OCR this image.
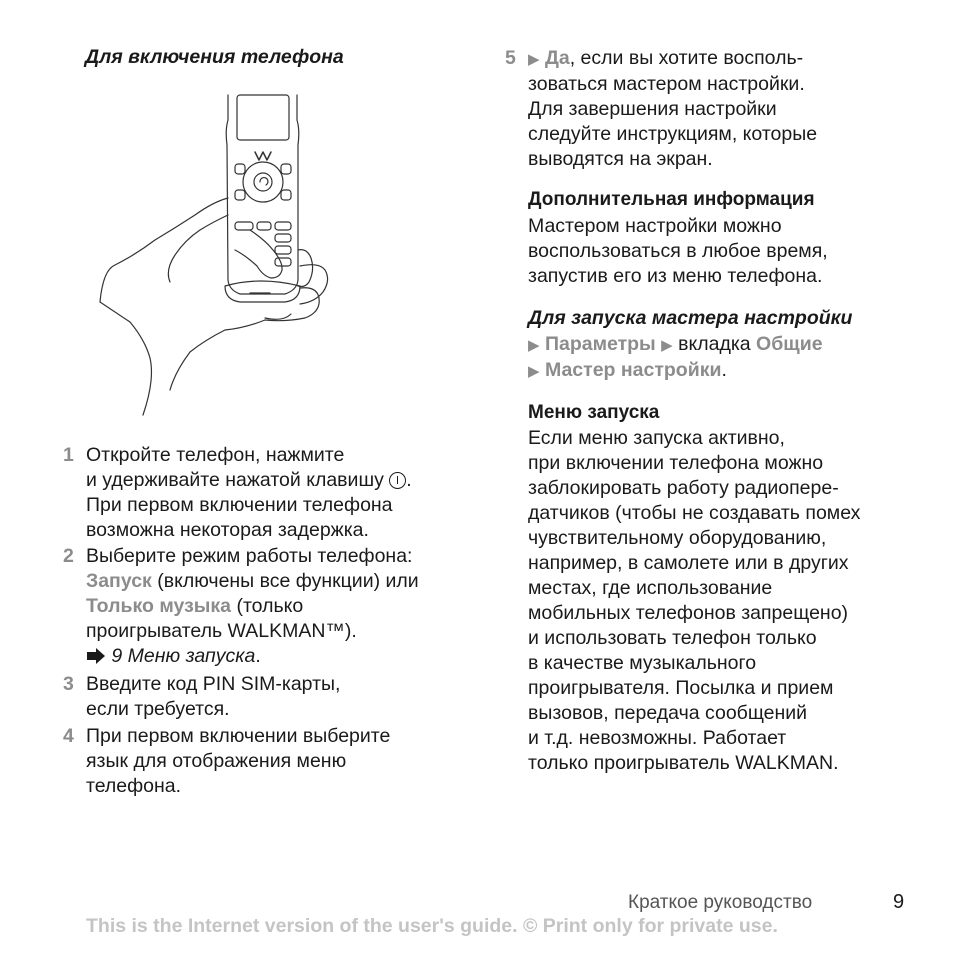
Для включения телефона
1 Откройте телефон, нажмите
и удерживайте нажатой клавишу .
При первом включении телефона
возможна некоторая задержка.
2 Выберите режим работы телефона:
Запуск (включены все функции) или
Только музыка (только
проигрыватель WALKMAN™).
9 Меню запуска.
3 Введите код PIN SIM-карты,
если требуется.
4 При первом включении выберите
язык для отображения меню
телефона.
5 ▶ Да, если вы хотите восполь-
зоваться мастером настройки.
Для завершения настройки
следуйте инструкциям, которые
выводятся на экран.
Дополнительная информация
Мастером настройки можно
воспользоваться в любое время,
запустив его из меню телефона.
Для запуска мастера настройки
▶ Параметры ▶ вкладка Общие
▶ Мастер настройки.
Меню запуска
Если меню запуска активно,
при включении телефона можно
заблокировать работу радиопере-
датчиков (чтобы не создавать помех
чувствительному оборудованию,
например, в самолете или в других
местах, где использование
мобильных телефонов запрещено)
и использовать телефон только
в качестве музыкального
проигрывателя. Посылка и прием
вызовов, передача сообщений
и т.д. невозможны. Работает
только проигрыватель WALKMAN.
Краткое руководство	9
This is the Internet version of the user's guide. © Print only for private use.
